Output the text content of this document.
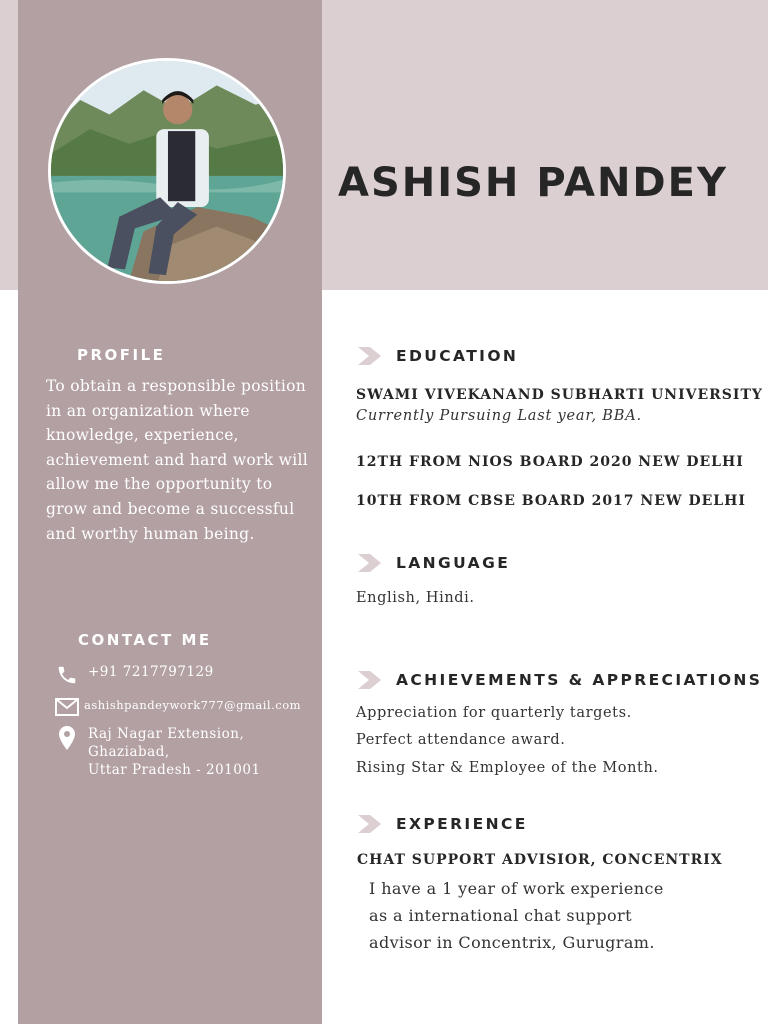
ASHISH PANDEY
PROFILE
To obtain a responsible position in an organization where knowledge, experience, achievement and hard work will allow me the opportunity to grow and become a successful and worthy human being.
CONTACT ME
+91 7217797129
ashishpandeywork777@gmail.com
Raj Nagar Extension,
Ghaziabad,
Uttar Pradesh - 201001
EDUCATION
SWAMI VIVEKANAND SUBHARTI UNIVERSITY
Currently Pursuing Last year, BBA.
12TH FROM NIOS BOARD 2020 NEW DELHI
10TH FROM CBSE BOARD 2017 NEW DELHI
LANGUAGE
English, Hindi.
ACHIEVEMENTS & APPRECIATIONS
Appreciation for quarterly targets.
Perfect attendance award.
Rising Star & Employee of the Month.
EXPERIENCE
CHAT SUPPORT ADVISIOR, CONCENTRIX
I have a 1 year of work experience
as a international chat support
advisor in Concentrix, Gurugram.
